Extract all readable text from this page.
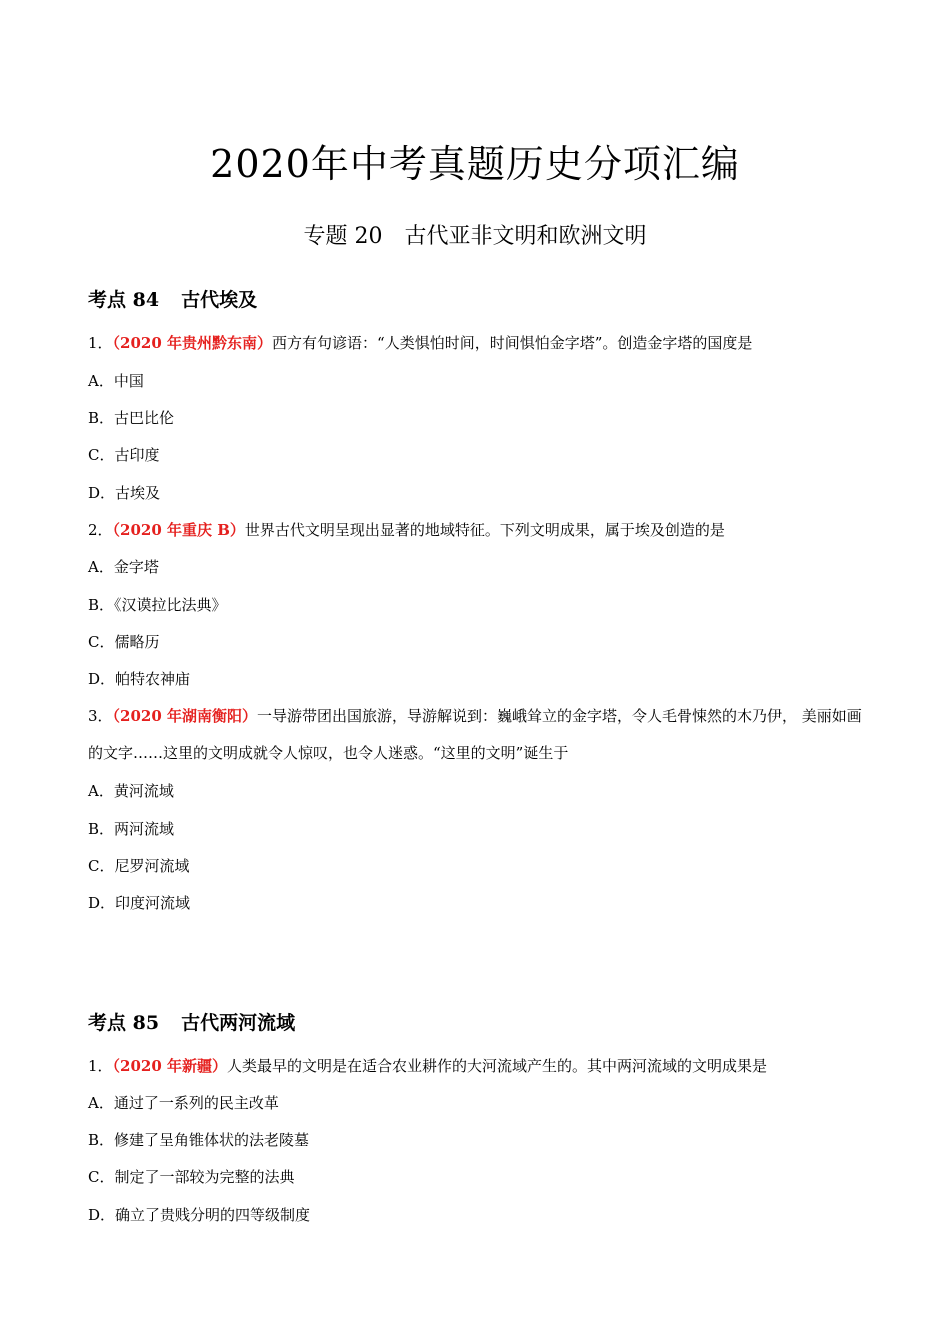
2020年中考真题历史分项汇编
专题 20　古代亚非文明和欧洲文明
考点 84 古代埃及
1．（2020 年贵州黔东南）西方有句谚语：“人类惧怕时间，时间惧怕金字塔”。创造金字塔的国度是
A．中国
B．古巴比伦
C．古印度
D．古埃及
2．（2020 年重庆 B）世界古代文明呈现出显著的地域特征。下列文明成果，属于埃及创造的是
A．金字塔
B．《汉谟拉比法典》
C．儒略历
D．帕特农神庙
3．（2020 年湖南衡阳）一导游带团出国旅游，导游解说到：巍峨耸立的金字塔，令人毛骨悚然的木乃伊， 美丽如画的文字……这里的文明成就令人惊叹，也令人迷惑。“这里的文明”诞生于
A．黄河流域
B．两河流域
C．尼罗河流域
D．印度河流域
考点 85 古代两河流域
1．（2020 年新疆）人类最早的文明是在适合农业耕作的大河流域产生的。其中两河流域的文明成果是
A．通过了一系列的民主改革
B．修建了呈角锥体状的法老陵墓
C．制定了一部较为完整的法典
D．确立了贵贱分明的四等级制度
